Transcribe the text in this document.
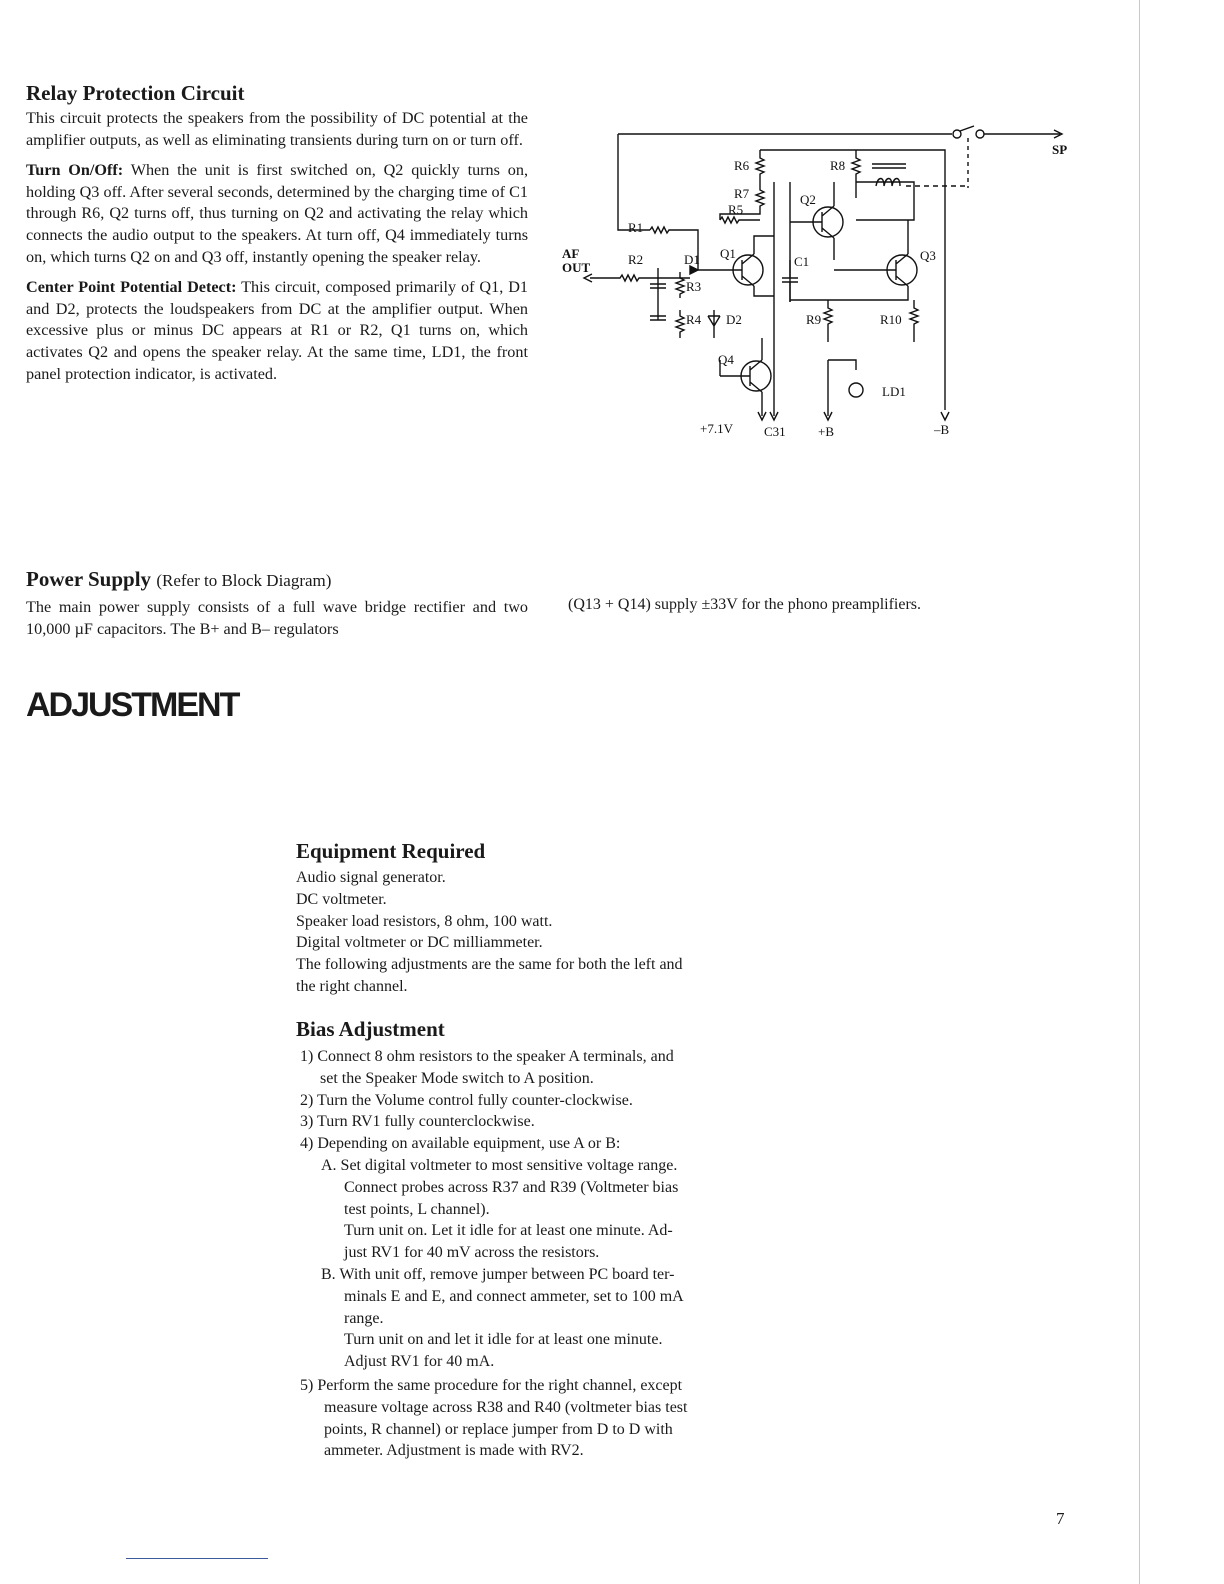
Relay Protection Circuit

This circuit protects the speakers from the possibility of DC potential at the amplifier outputs, as well as eliminating transients during turn on or turn off.

Turn On/Off: When the unit is first switched on, Q2 quickly turns on, holding Q3 off. After several seconds, determined by the charging time of C1 through R6, Q2 turns off, thus turning on Q2 and activating the relay which connects the audio output to the speakers. At turn off, Q4 immediately turns on, which turns Q2 on and Q3 off, instantly opening the speaker relay.

Center Point Potential Detect: This circuit, composed primarily of Q1, D1 and D2, protects the loudspeakers from DC at the amplifier output. When excessive plus or minus DC appears at R1 or R2, Q1 turns on, which activates Q2 and opens the speaker relay. At the same time, LD1, the front panel protection indicator, is activated.

SP
AF
OUT
R1
R2
R3
R4
R5
R6
R7
R8
R9	R10
D1
D2
Q1
Q2
Q3
Q4
C1
C31
LD1
+7.1V	+B	–B
Power Supply (Refer to Block Diagram)

The main power supply consists of a full wave bridge rectifier and two 10,000 µF capacitors. The B+ and B– regulators

(Q13 + Q14) supply ±33V for the phono preamplifiers.
ADJUSTMENT
Equipment Required

Audio signal generator.

DC voltmeter.

Speaker load resistors, 8 ohm, 100 watt.

Digital voltmeter or DC milliammeter.

The following adjustments are the same for both the left and

the right channel.

Bias Adjustment

1) Connect 8 ohm resistors to the speaker A terminals, and

set the Speaker Mode switch to A position.

2) Turn the Volume control fully counter-clockwise.

3) Turn RV1 fully counterclockwise.

4) Depending on available equipment, use A or B:

A. Set digital voltmeter to most sensitive voltage range.

Connect probes across R37 and R39 (Voltmeter bias

test points, L channel).

Turn unit on. Let it idle for at least one minute. Ad-

just RV1 for 40 mV across the resistors.

B. With unit off, remove jumper between PC board ter-

minals E and E, and connect ammeter, set to 100 mA

range.

Turn unit on and let it idle for at least one minute.

Adjust RV1 for 40 mA.

5) Perform the same procedure for the right channel, except

measure voltage across R38 and R40 (voltmeter bias test

points, R channel) or replace jumper from D to D with

ammeter. Adjustment is made with RV2.

7
